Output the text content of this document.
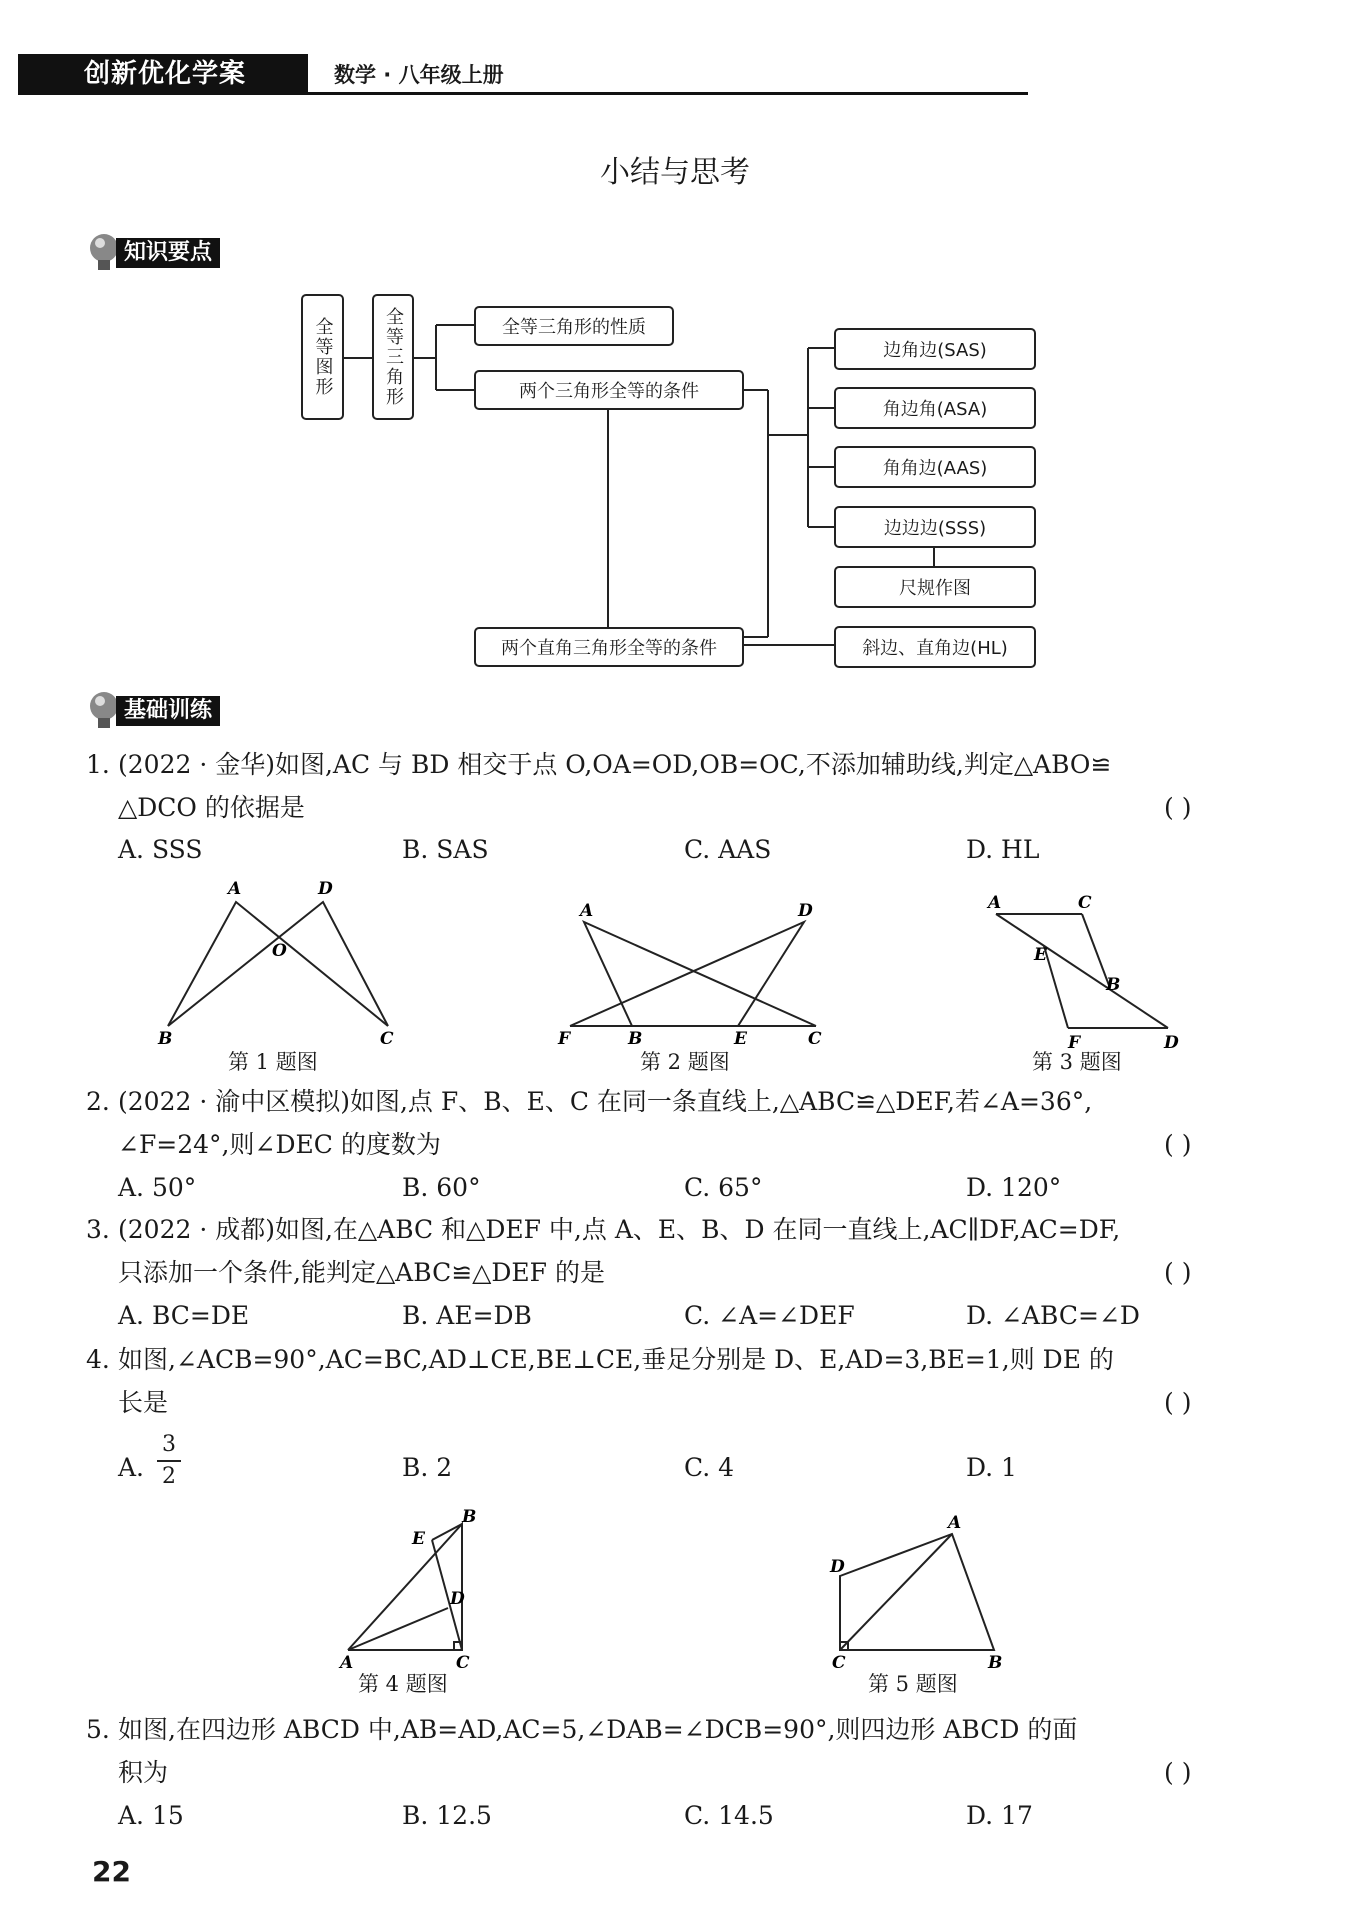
创新优化学案	数学 · 八年级上册
小结与思考
知识要点
全等图形	全等三角形	全等三角形的性质
两个三角形全等的条件
两个直角三角形全等的条件
边角边(SAS)
角边角(ASA)
角角边(AAS)
边边边(SSS)
尺规作图
斜边、直角边(HL)
基础训练
1. (2022 · 金华)如图,AC 与 BD 相交于点 O,OA=OD,OB=OC,不添加辅助线,判定△ABO≌
△DCO 的依据是	( )
A. SSS	B. SAS	C. AAS	D. HL
A	D
O
B	C
第 1 题图
A	D
F	B	E	C
第 2 题图
A	C
E
B
F	D
第 3 题图
2. (2022 · 渝中区模拟)如图,点 F、B、E、C 在同一条直线上,△ABC≌△DEF,若∠A=36°,
∠F=24°,则∠DEC 的度数为	( )
A. 50°	B. 60°	C. 65°	D. 120°
3. (2022 · 成都)如图,在△ABC 和△DEF 中,点 A、E、B、D 在同一直线上,AC∥DF,AC=DF,
只添加一个条件,能判定△ABC≌△DEF 的是	( )
A. BC=DE	B. AE=DB	C. ∠A=∠DEF	D. ∠ABC=∠D
4. 如图,∠ACB=90°,AC=BC,AD⊥CE,BE⊥CE,垂足分别是 D、E,AD=3,BE=1,则 DE 的
长是	( )
A.
3
2	B. 2	C. 4	D. 1
E
B
D
A	C
第 4 题图
D
A
C	B
第 5 题图
5. 如图,在四边形 ABCD 中,AB=AD,AC=5,∠DAB=∠DCB=90°,则四边形 ABCD 的面
积为	( )
A. 15	B. 12.5	C. 14.5	D. 17
22
